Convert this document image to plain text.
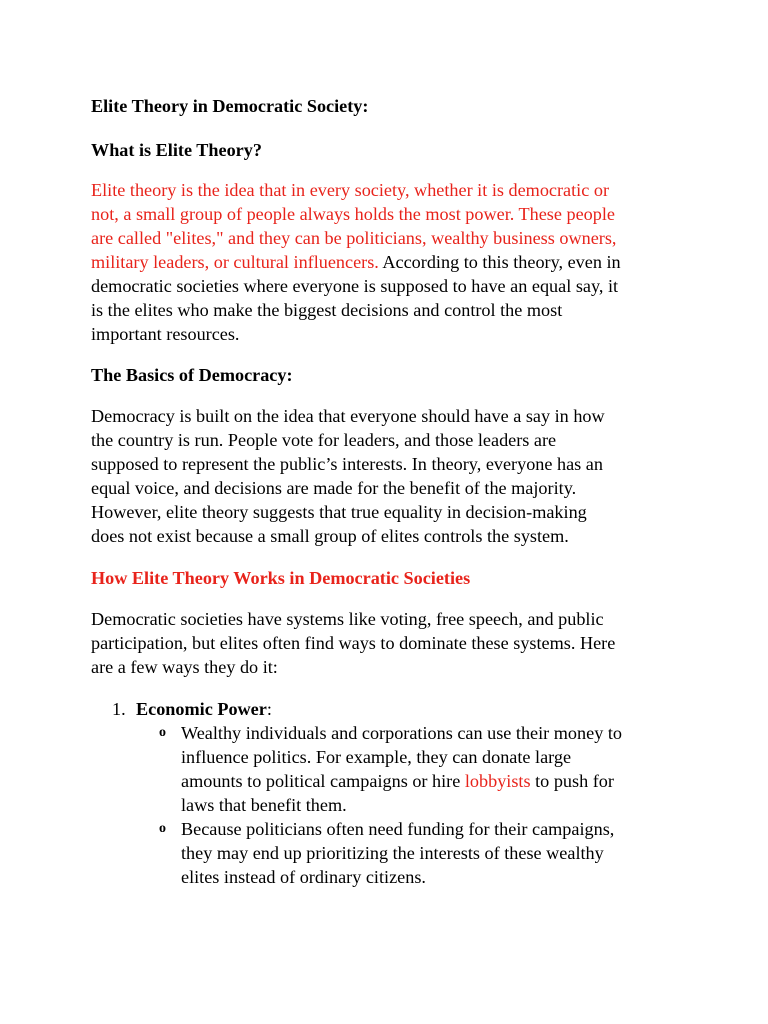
Elite Theory in Democratic Society:
What is Elite Theory?
Elite theory is the idea that in every society, whether it is democratic or
not, a small group of people always holds the most power. These people
are called "elites," and they can be politicians, wealthy business owners,
military leaders, or cultural influencers. According to this theory, even in
democratic societies where everyone is supposed to have an equal say, it
is the elites who make the biggest decisions and control the most
important resources.
The Basics of Democracy:
Democracy is built on the idea that everyone should have a say in how
the country is run. People vote for leaders, and those leaders are
supposed to represent the public’s interests. In theory, everyone has an
equal voice, and decisions are made for the benefit of the majority.
However, elite theory suggests that true equality in decision-making
does not exist because a small group of elites controls the system.
How Elite Theory Works in Democratic Societies
Democratic societies have systems like voting, free speech, and public
participation, but elites often find ways to dominate these systems. Here
are a few ways they do it:
1. Economic Power:
o Wealthy individuals and corporations can use their money to
influence politics. For example, they can donate large
amounts to political campaigns or hire lobbyists to push for
laws that benefit them.
o Because politicians often need funding for their campaigns,
they may end up prioritizing the interests of these wealthy
elites instead of ordinary citizens.
